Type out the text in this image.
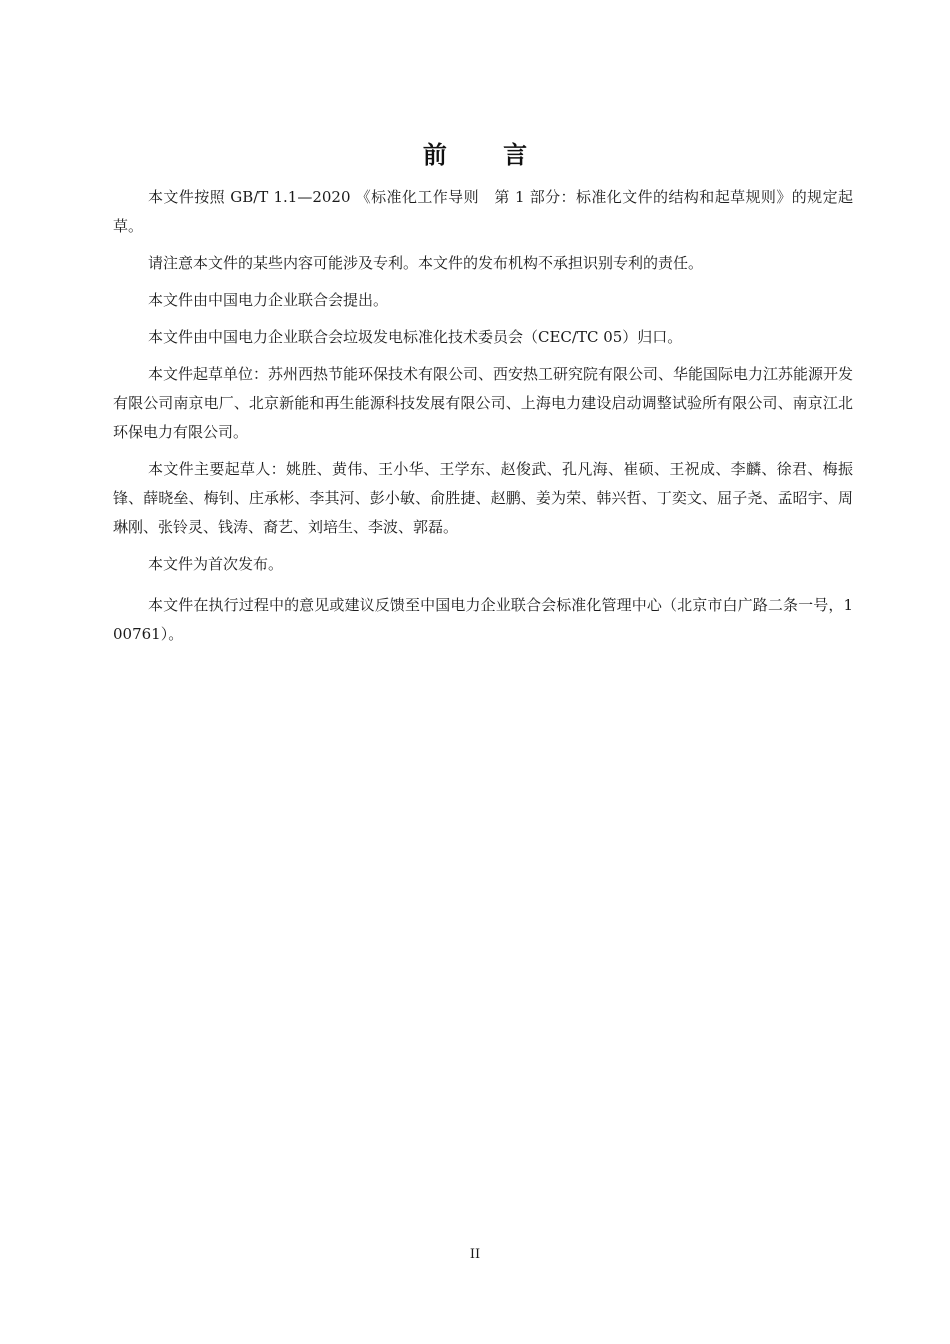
前 言

本文件按照 GB/T 1.1—2020 《标准化工作导则　第 1 部分：标准化文件的结构和起草规则》的规定起草。

请注意本文件的某些内容可能涉及专利。本文件的发布机构不承担识别专利的责任。

本文件由中国电力企业联合会提出。

本文件由中国电力企业联合会垃圾发电标准化技术委员会（CEC/TC 05）归口。

本文件起草单位：苏州西热节能环保技术有限公司、西安热工研究院有限公司、华能国际电力江苏能源开发有限公司南京电厂、北京新能和再生能源科技发展有限公司、上海电力建设启动调整试验所有限公司、南京江北环保电力有限公司。

本文件主要起草人：姚胜、黄伟、王小华、王学东、赵俊武、孔凡海、崔硕、王祝成、李麟、徐君、梅振锋、薛晓垒、梅钊、庄承彬、李其河、彭小敏、俞胜捷、赵鹏、姜为荣、韩兴哲、丁奕文、屈子尧、孟昭宇、周琳刚、张铃灵、钱涛、裔艺、刘培生、李波、郭磊。

本文件为首次发布。

本文件在执行过程中的意见或建议反馈至中国电力企业联合会标准化管理中心（北京市白广路二条一号，100761）。

II
